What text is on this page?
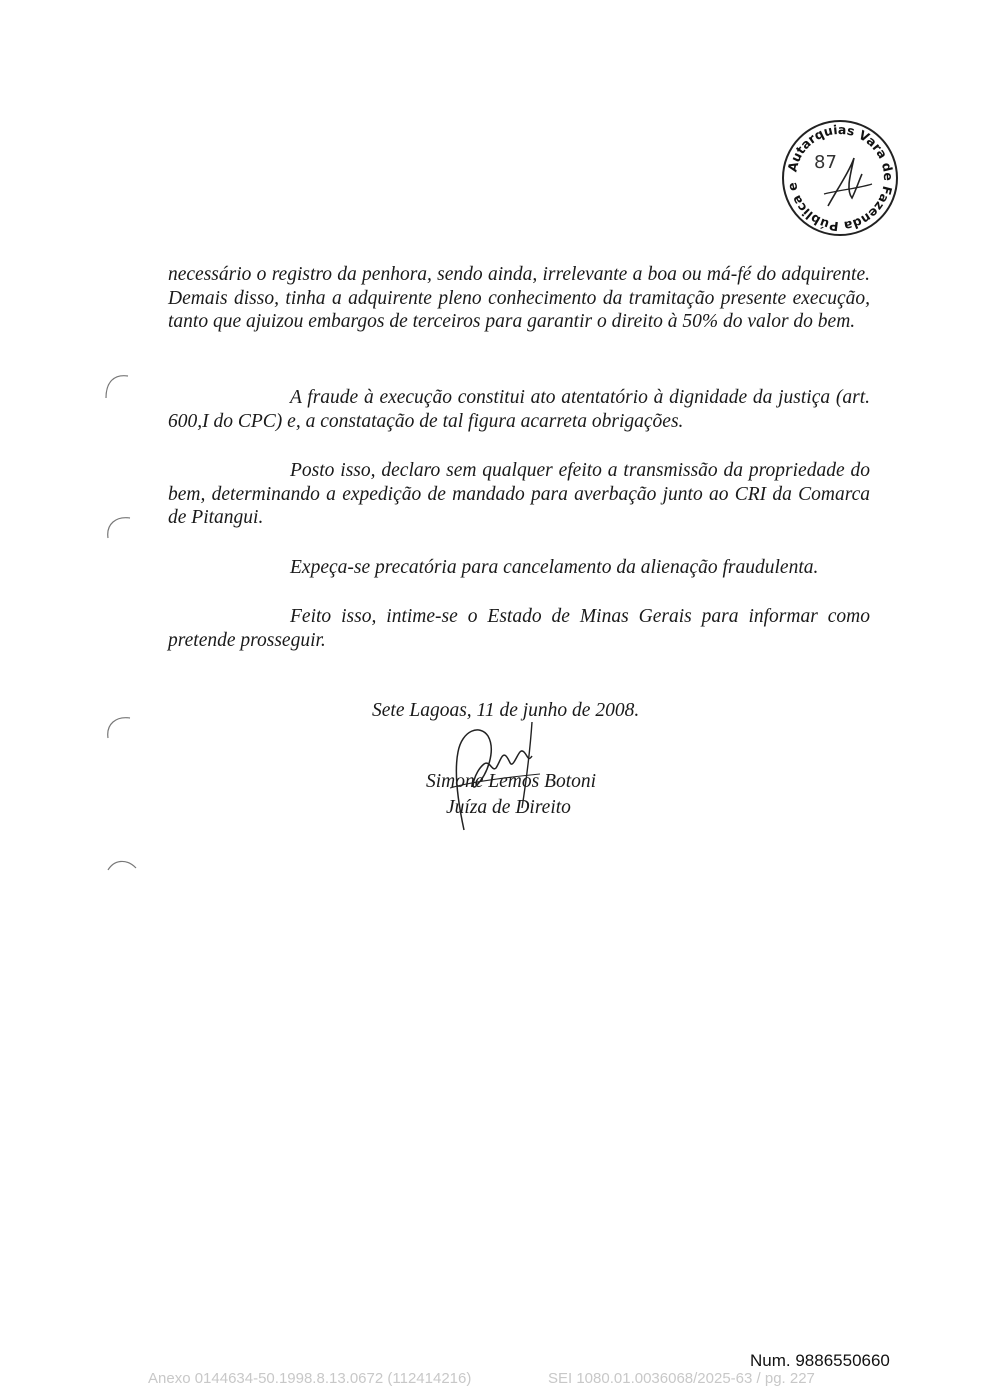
Autarquias Vara de Fazenda Pública e
87

necessário o registro da penhora, sendo ainda, irrelevante a boa ou má-fé do adquirente. Demais disso, tinha a adquirente pleno conhecimento da tramitação presente execução, tanto que ajuizou embargos de terceiros para garantir o direito à 50% do valor do bem.

A fraude à execução constitui ato atentatório à dignidade da justiça (art. 600,I do CPC) e, a constatação de tal figura acarreta obrigações.

Posto isso, declaro sem qualquer efeito a transmissão da propriedade do bem, determinando a expedição de mandado para averbação junto ao CRI da Comarca de Pitangui.

Expeça-se precatória para cancelamento da alienação fraudulenta.

Feito isso, intime-se o Estado de Minas Gerais para informar como pretende prosseguir.

Sete Lagoas, 11 de junho de 2008.
Simone Lemos Botoni
Juíza de Direito
Num. 9886550660
Anexo 0144634-50.1998.8.13.0672 (112414216)	SEI 1080.01.0036068/2025-63 / pg. 227
